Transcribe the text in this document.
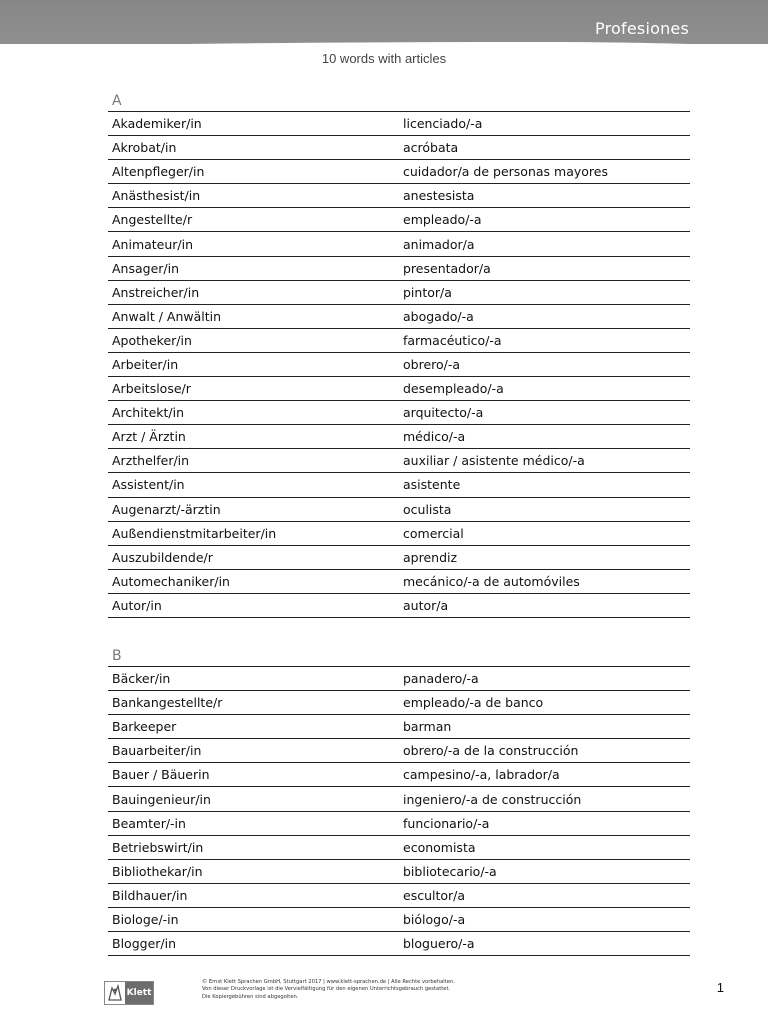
Profesiones
10 words with articles
A
Akademiker/in	licenciado/-a
Akrobat/in	acróbata
Altenpfleger/in	cuidador/a de personas mayores
Anästhesist/in	anestesista
Angestellte/r	empleado/-a
Animateur/in	animador/a
Ansager/in	presentador/a
Anstreicher/in	pintor/a
Anwalt / Anwältin	abogado/-a
Apotheker/in	farmacéutico/-a
Arbeiter/in	obrero/-a
Arbeitslose/r	desempleado/-a
Architekt/in	arquitecto/-a
Arzt / Ärztin	médico/-a
Arzthelfer/in	auxiliar / asistente médico/-a
Assistent/in	asistente
Augenarzt/-ärztin	oculista
Außendienstmitarbeiter/in	comercial
Auszubildende/r	aprendiz
Automechaniker/in	mecánico/-a de automóviles
Autor/in	autor/a
B
Bäcker/in	panadero/-a
Bankangestellte/r	empleado/-a de banco
Barkeeper	barman
Bauarbeiter/in	obrero/-a de la construcción
Bauer / Bäuerin	campesino/-a, labrador/a
Bauingenieur/in	ingeniero/-a de construcción
Beamter/-in	funcionario/-a
Betriebswirt/in	economista
Bibliothekar/in	bibliotecario/-a
Bildhauer/in	escultor/a
Biologe/-in	biólogo/-a
Blogger/in	bloguero/-a
Klett
© Ernst Klett Sprachen GmbH, Stuttgart 2017 | www.klett-sprachen.de | Alle Rechte vorbehalten.
Von dieser Druckvorlage ist die Vervielfältigung für den eigenen Unterrichtsgebrauch gestattet.
Die Kopiergebühren sind abgegolten.
1
